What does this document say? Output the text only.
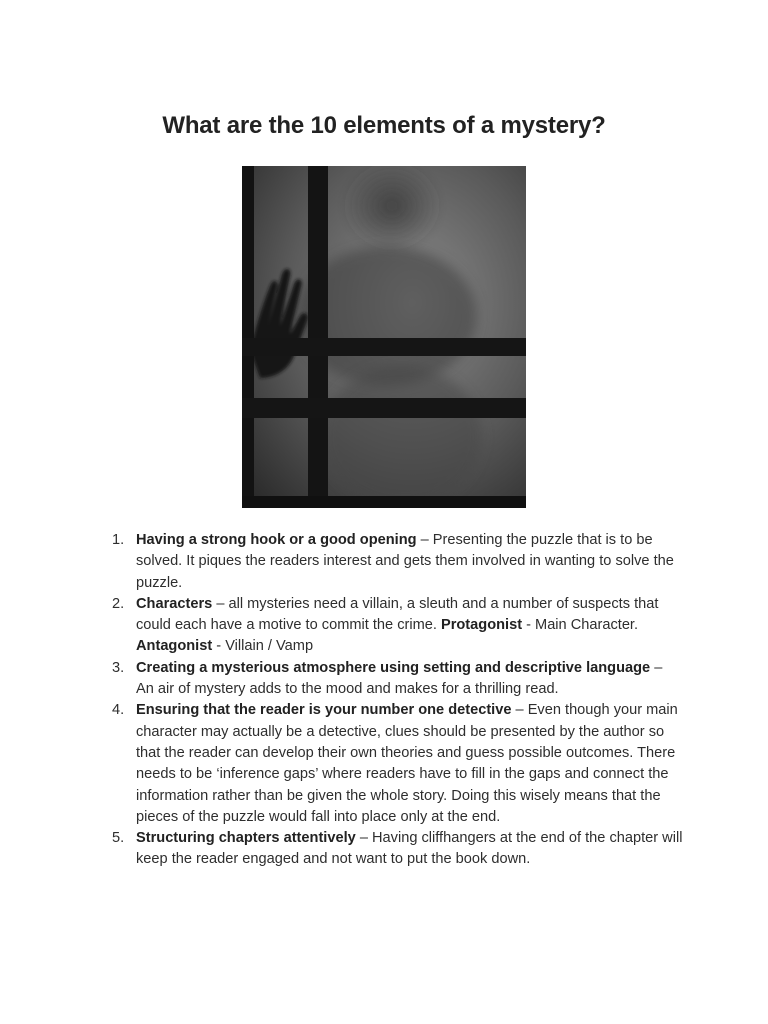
What are the 10 elements of a mystery?
1. Having a strong hook or a good opening – Presenting the puzzle that is to be solved. It piques the readers interest and gets them involved in wanting to solve the puzzle.
2. Characters – all mysteries need a villain, a sleuth and a number of suspects that could each have a motive to commit the crime. Protagonist - Main Character.
Antagonist - Villain / Vamp
3. Creating a mysterious atmosphere using setting and descriptive language – An air of mystery adds to the mood and makes for a thrilling read.
4. Ensuring that the reader is your number one detective – Even though your main character may actually be a detective, clues should be presented by the author so that the reader can develop their own theories and guess possible outcomes. There needs to be ‘inference gaps’ where readers have to fill in the gaps and connect the information rather than be given the whole story. Doing this wisely means that the pieces of the puzzle would fall into place only at the end.
5. Structuring chapters attentively – Having cliffhangers at the end of the chapter will keep the reader engaged and not want to put the book down.
